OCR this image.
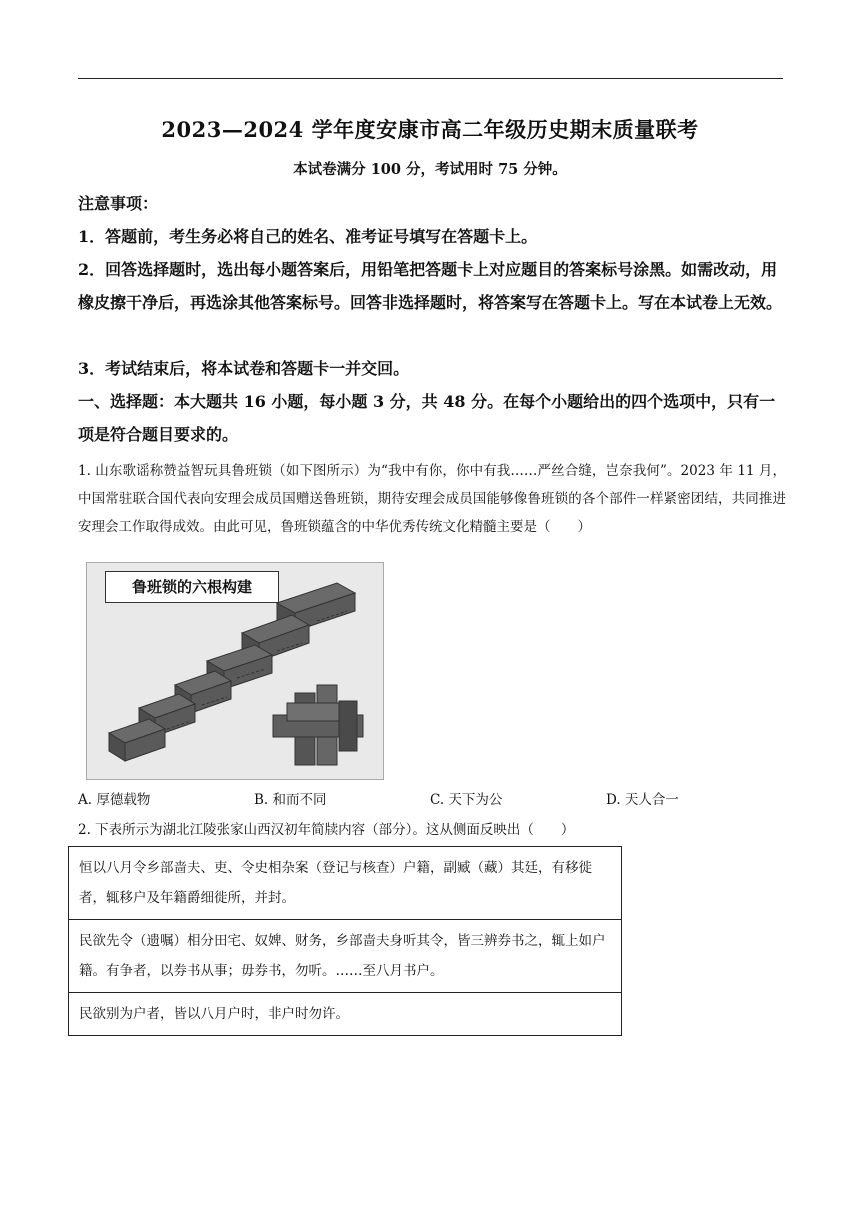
2023—2024 学年度安康市高二年级历史期末质量联考
本试卷满分 100 分，考试用时 75 分钟。
注意事项：
1．答题前，考生务必将自己的姓名、准考证号填写在答题卡上。
2．回答选择题时，选出每小题答案后，用铅笔把答题卡上对应题目的答案标号涂黑。如需改动，用橡皮擦干净后，再选涂其他答案标号。回答非选择题时，将答案写在答题卡上。写在本试卷上无效。
3．考试结束后，将本试卷和答题卡一并交回。
一、选择题：本大题共 16 小题，每小题 3 分，共 48 分。在每个小题给出的四个选项中，只有一项是符合题目要求的。
1. 山东歌谣称赞益智玩具鲁班锁（如下图所示）为“我中有你，你中有我……严丝合缝，岂奈我何”。2023 年 11 月，中国常驻联合国代表向安理会成员国赠送鲁班锁，期待安理会成员国能够像鲁班锁的各个部件一样紧密团结，共同推进安理会工作取得成效。由此可见，鲁班锁蕴含的中华优秀传统文化精髓主要是（　　）
鲁班锁的六根构建
A. 厚德载物	B. 和而不同	C. 天下为公	D. 天人合一
2. 下表所示为湖北江陵张家山西汉初年简牍内容（部分）。这从侧面反映出（　　）
恒以八月令乡部啬夫、吏、令史相杂案（登记与核查）户籍，副臧（藏）其廷，有移徙者，辄移户及年籍爵细徙所，并封。
民欲先令（遗嘱）相分田宅、奴婢、财务，乡部啬夫身听其令，皆三辨券书之，辄上如户籍。有争者，以券书从事；毋券书，勿听。……至八月书户。
民欲别为户者，皆以八月户时，非户时勿许。
